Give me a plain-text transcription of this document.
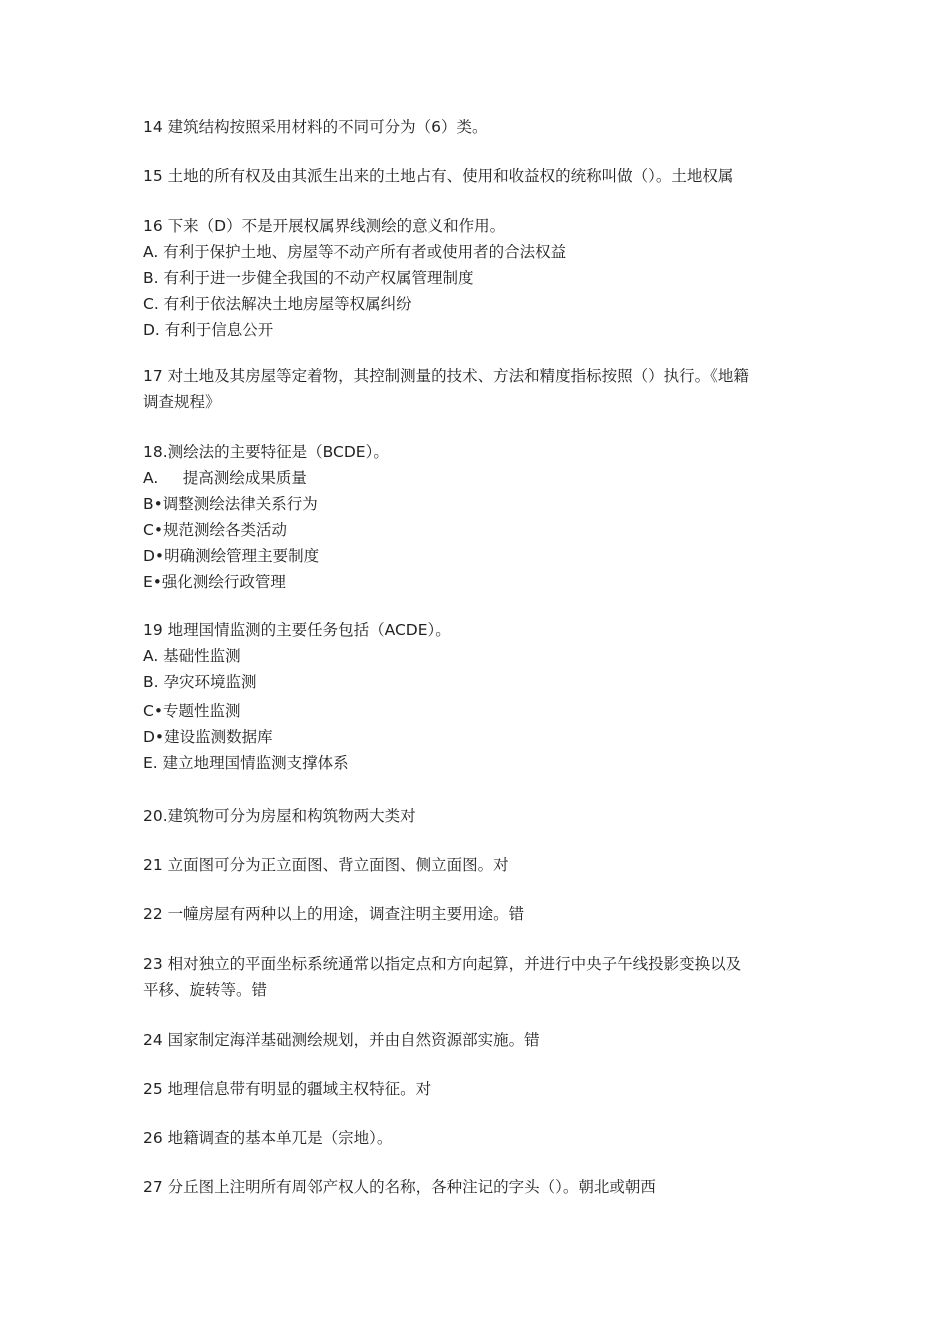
14 建筑结构按照采用材料的不同可分为（6）类。
15 土地的所有权及由其派生出来的土地占有、使用和收益权的统称叫做（）。土地权属
16 下来（D）不是开展权属界线测绘的意义和作用。
A. 有利于保护土地、房屋等不动产所有者或使用者的合法权益
B. 有利于进一步健全我国的不动产权属管理制度
C. 有利于依法解决土地房屋等权属纠纷
D. 有利于信息公开
17 对土地及其房屋等定着物，其控制测量的技术、方法和精度指标按照（）执行。《地籍
调查规程》
18.测绘法的主要特征是（BCDE）。
A.     提高测绘成果质量
B•调整测绘法律关系行为
C•规范测绘各类活动
D•明确测绘管理主要制度
E•强化测绘行政管理
19 地理国情监测的主要任务包括（ACDE）。
A. 基础性监测
B. 孕灾环境监测
C•专题性监测
D•建设监测数据库
E. 建立地理国情监测支撑体系
20.建筑物可分为房屋和构筑物两大类对
21 立面图可分为正立面图、背立面图、侧立面图。对
22 一幢房屋有两种以上的用途，调查注明主要用途。错
23 相对独立的平面坐标系统通常以指定点和方向起算，并进行中央子午线投影变换以及
平移、旋转等。错
24 国家制定海洋基础测绘规划，并由自然资源部实施。错
25 地理信息带有明显的疆域主权特征。对
26 地籍调查的基本单兀是（宗地）。
27 分丘图上注明所有周邻产权人的名称，各种注记的字头（）。朝北或朝西
